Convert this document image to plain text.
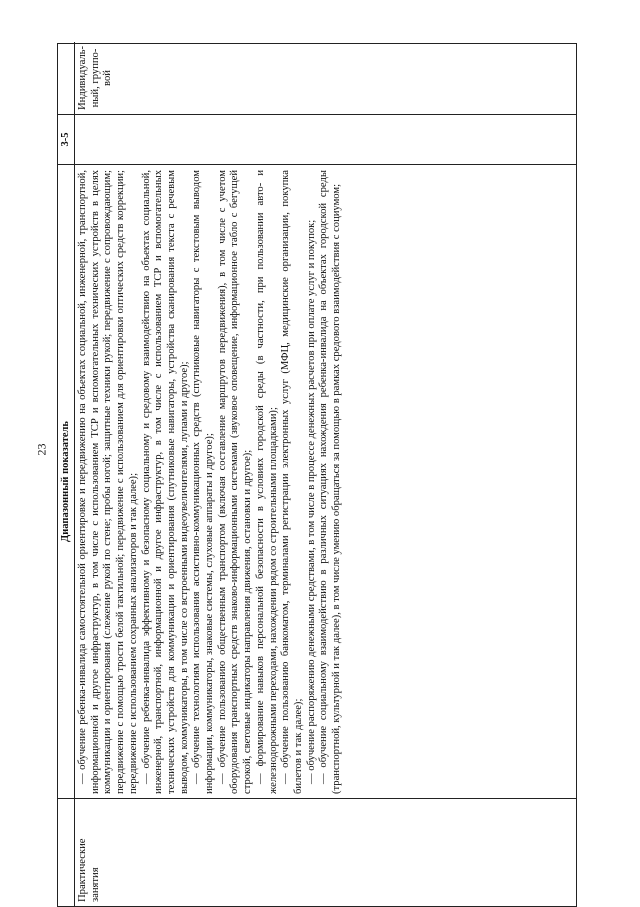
23 Диапазонный показатель
3-5
Практические занятия

— обучение ребенка-инвалида самостоятельной ориентировке и передвижению на объектах социальной, инженерной, транспортной, информационной и другое инфраструктур, в том числе с использованием ТСР и вспомогательных технических устройств в целях коммуникации и ориентирования (слежение рукой по стене; пробы ногой; защитные техники рукой; передвижение с сопровождающим; передвижение с помощью трости белой тактильной; передвижение с использованием для ориентировки оптических средств коррекции; передвижение с использованием сохранных анализаторов и так далее); — обучение ребенка-инвалида эффективному и безопасному социальному и средовому взаимодействию на объектах социальной, инженерной, транспортной, информационной и другое инфраструктур, в том числе с использованием ТСР и вспомогательных технических устройств для коммуникации и ориентирования (спутниковые навигаторы, устройства сканирования текста с речевым выводом, коммуникаторы, в том числе со встроенными видеоувеличителями, лупами и другое); — обучение технологиям использования ассистивно-коммуникационных средств (спутниковые навигаторы с текстовым выводом информации, коммуникаторы, знаковые системы, слуховые аппараты и другое); — обучение пользованию общественным транспортом (включая составление маршрутов передвижения), в том числе с учетом оборудования транспортных средств знаково-информационными системами (звуковое оповещение, информационное табло с бегущей строкой, световые индикаторы направления движения, остановки и другое); — формирование навыков персональной безопасности в условиях городской среды (в частности, при пользовании авто- и железнодорожными переходами, нахождении рядом со строительными площадками); — обучение пользованию банкоматом, терминалами регистрации электронных услуг (МФЦ, медицинские организации, покупка билетов и так далее); — обучение распоряжению денежными средствами, в том числе в процессе денежных расчетов при оплате услуг и покупок; — обучение социальному взаимодействию в различных ситуациях нахождения ребенка-инвалида на объектах городской среды (транспортной, культурной и так далее), в том числе умению обращаться за помощью в рамках средового взаимодействия с социумом;

Индивидуаль-ный, группо-вой
